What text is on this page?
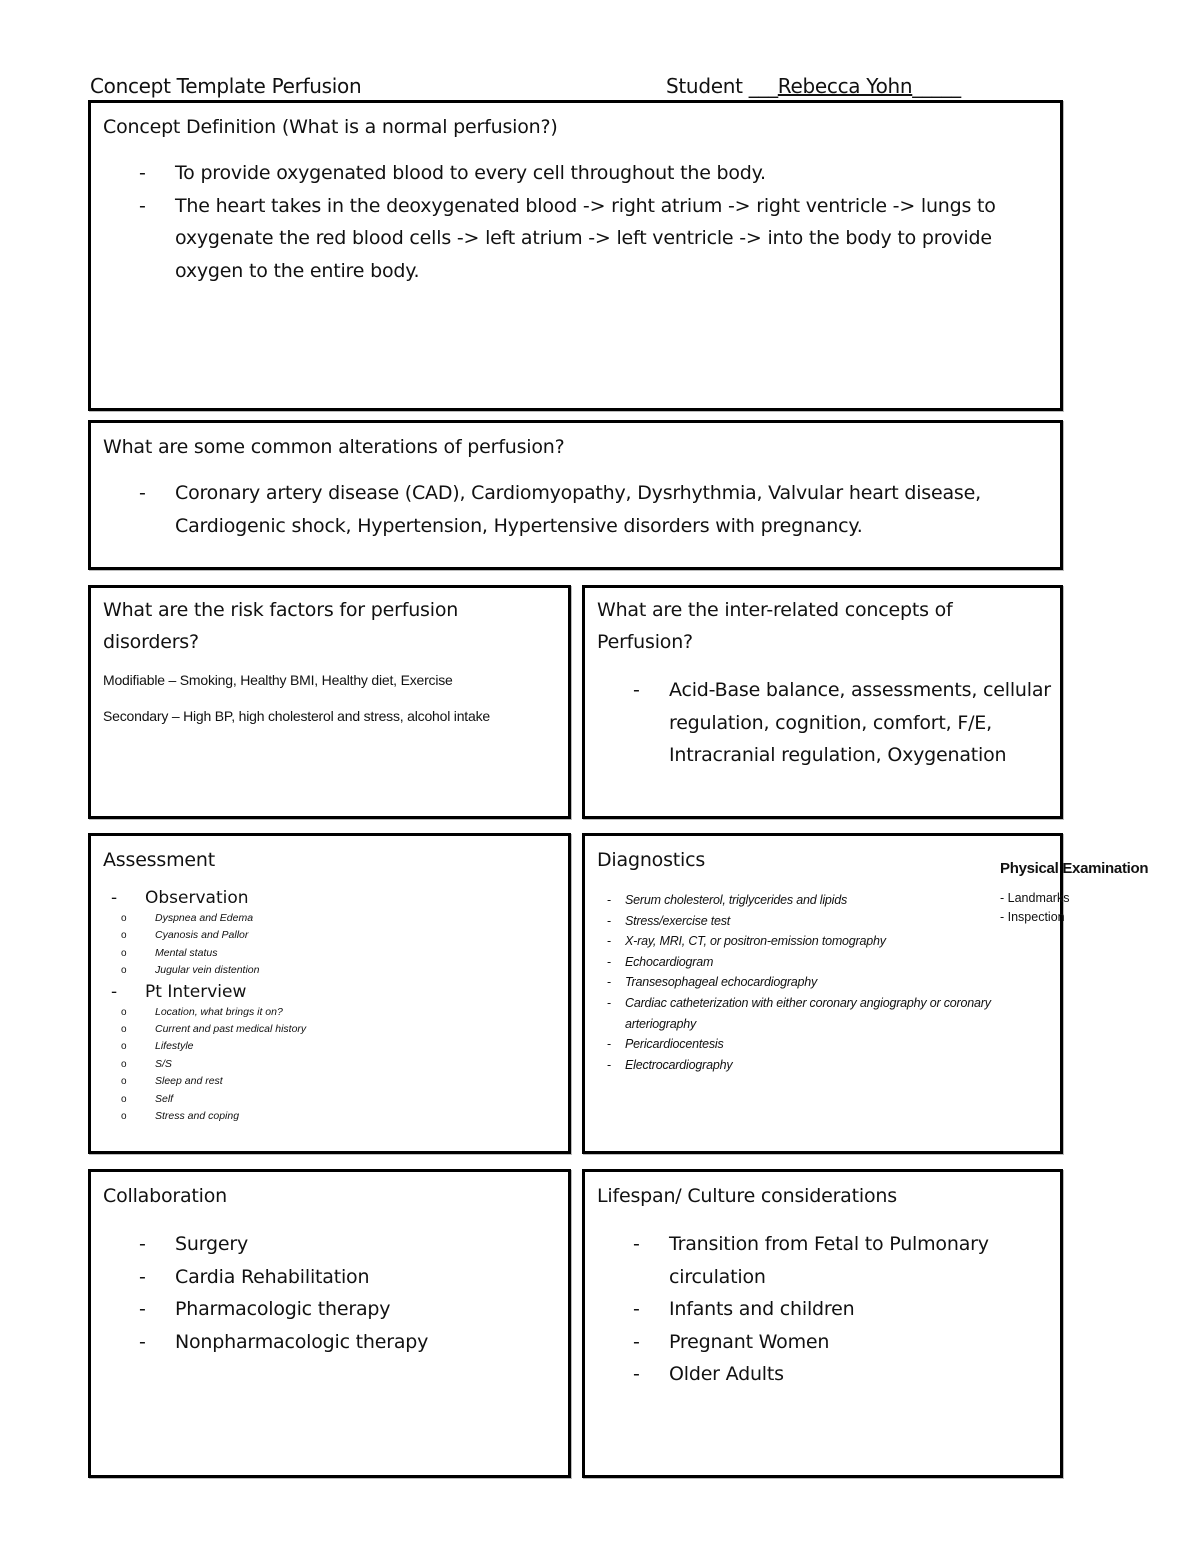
Concept Template Perfusion	Student ___Rebecca Yohn_____
Concept Definition (What is a normal perfusion?)
- To provide oxygenated blood to every cell throughout the body.
- The heart takes in the deoxygenated blood -> right atrium -> right ventricle -> lungs to oxygenate the red blood cells -> left atrium -> left ventricle -> into the body to provide oxygen to the entire body.
What are some common alterations of perfusion?
- Coronary artery disease (CAD), Cardiomyopathy, Dysrhythmia, Valvular heart disease, Cardiogenic shock, Hypertension, Hypertensive disorders with pregnancy.
What are the risk factors for perfusion disorders?
Modifiable – Smoking, Healthy BMI, Healthy diet, Exercise
Secondary – High BP, high cholesterol and stress, alcohol intake
What are the inter-related concepts of Perfusion?
- Acid-Base balance, assessments, cellular regulation, cognition, comfort, F/E, Intracranial regulation, Oxygenation
Assessment
- Observation
o	Dyspnea and Edema
o	Cyanosis and Pallor
o	Mental status
o	Jugular vein distention
- Pt Interview
o	Location, what brings it on?
o	Current and past medical history
o	Lifestyle
o	S/S
o	Sleep and rest
o	Self
o	Stress and coping
Diagnostics
- Serum cholesterol, triglycerides and lipids
- Stress/exercise test
- X-ray, MRI, CT, or positron-emission tomography
- Echocardiogram
- Transesophageal echocardiography
- Cardiac catheterization with either coronary angiography or coronary arteriography
- Pericardiocentesis
- Electrocardiography
Physical Examination
- Landmarks
- Inspection
Collaboration
- Surgery
- Cardia Rehabilitation
- Pharmacologic therapy
- Nonpharmacologic therapy
Lifespan/ Culture considerations
- Transition from Fetal to Pulmonary circulation
- Infants and children
- Pregnant Women
- Older Adults
